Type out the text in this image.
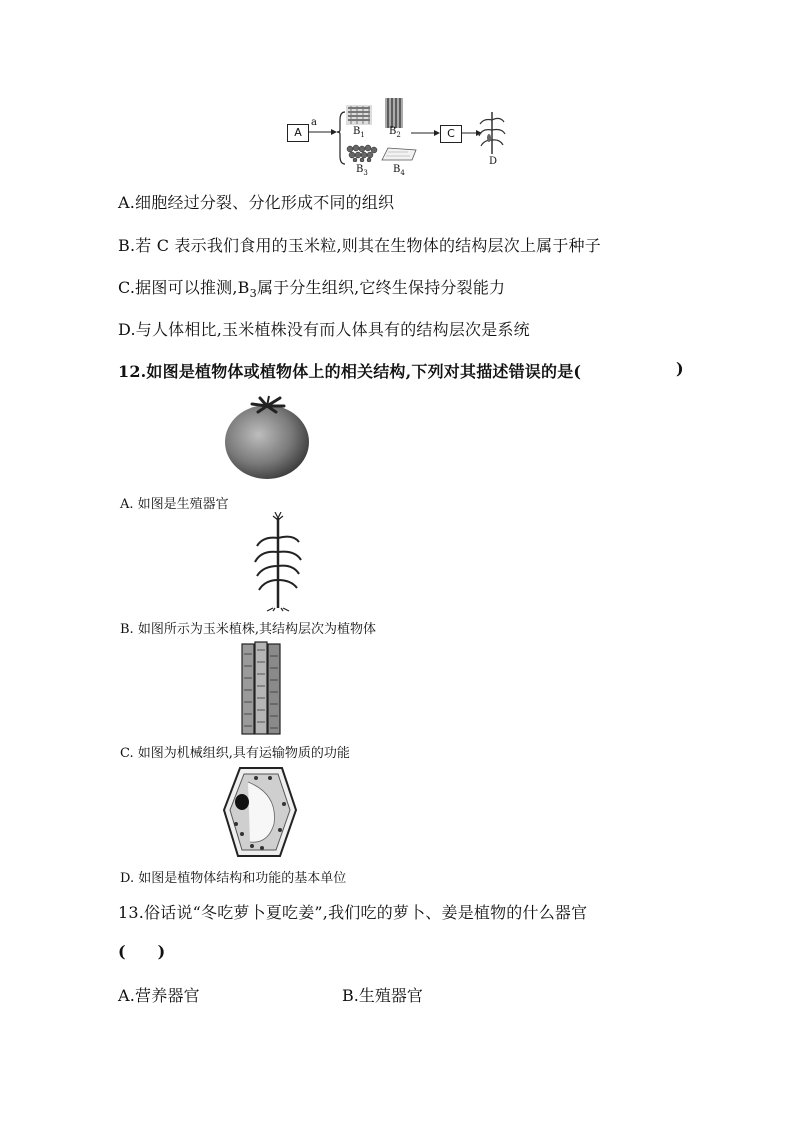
A
a
$B_1$ $B_2$
$B_3$	$B_4$
C
D
A.细胞经过分裂、分化形成不同的组织
B.若 C 表示我们食用的玉米粒,则其在生物体的结构层次上属于种子
C.据图可以推测$,B_3$属于分生组织,它终生保持分裂能力
D.与人体相比,玉米植株没有而人体具有的结构层次是系统
12.如图是植物体或植物体上的相关结构,下列对其描述错误的是(	)
A. 如图是生殖器官
B. 如图所示为玉米植株,其结构层次为植物体
C. 如图为机械组织,具有运输物质的功能
D. 如图是植物体结构和功能的基本单位
13.俗话说“冬吃萝卜夏吃姜”,我们吃的萝卜、姜是植物的什么器官
( )
A.营养器官	B.生殖器官
